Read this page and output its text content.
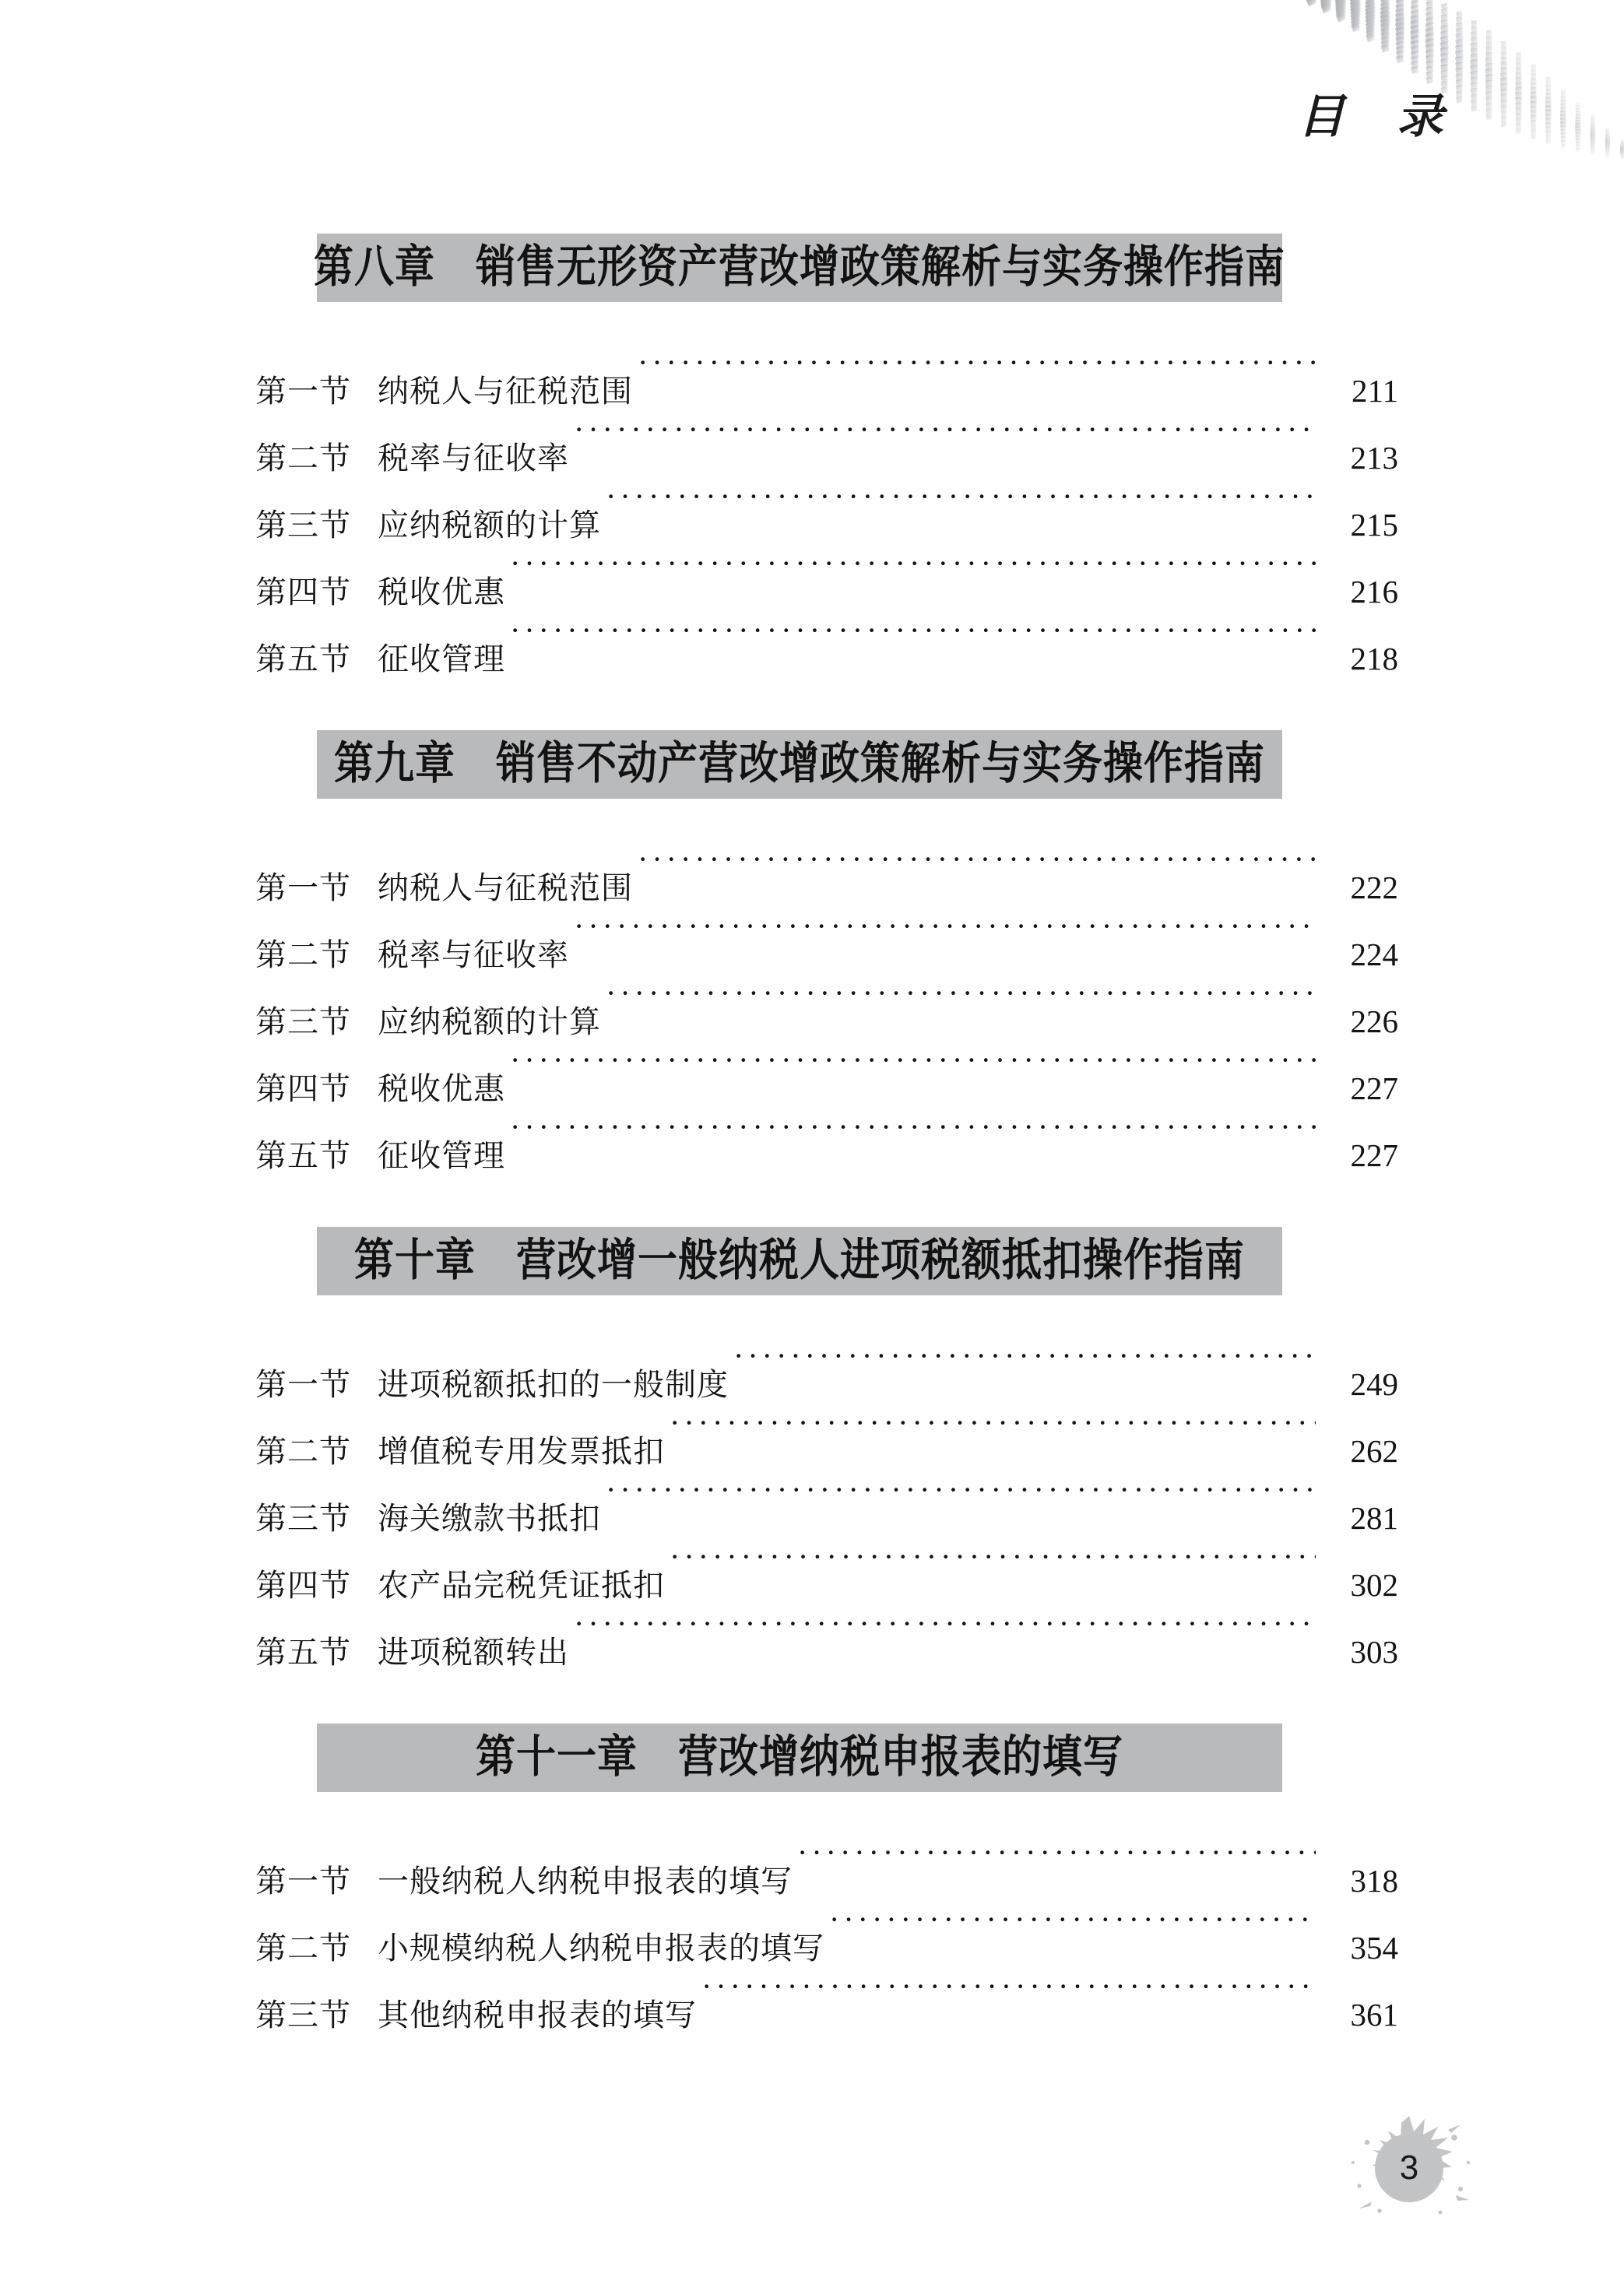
目 录
第八章　销售无形资产营改增政策解析与实务操作指南
第一节 纳税人与征税范围 ·····	211
第二节 税率与征收率 ·····	213
第三节 应纳税额的计算 ·····	215
第四节 税收优惠 ·····	216
第五节 征收管理 ·····	218
第九章　销售不动产营改增政策解析与实务操作指南
第一节 纳税人与征税范围 ·····	222
第二节 税率与征收率 ·····	224
第三节 应纳税额的计算 ·····	226
第四节 税收优惠 ·····	227
第五节 征收管理 ·····	227
第十章　营改增一般纳税人进项税额抵扣操作指南
第一节 进项税额抵扣的一般制度 ·····	249
第二节 增值税专用发票抵扣 ·····	262
第三节 海关缴款书抵扣 ·····	281
第四节 农产品完税凭证抵扣 ·····	302
第五节 进项税额转出 ·····	303
第十一章　营改增纳税申报表的填写
第一节 一般纳税人纳税申报表的填写 ·····	318
第二节 小规模纳税人纳税申报表的填写 ·····	354
第三节 其他纳税申报表的填写 ·····	361
3
